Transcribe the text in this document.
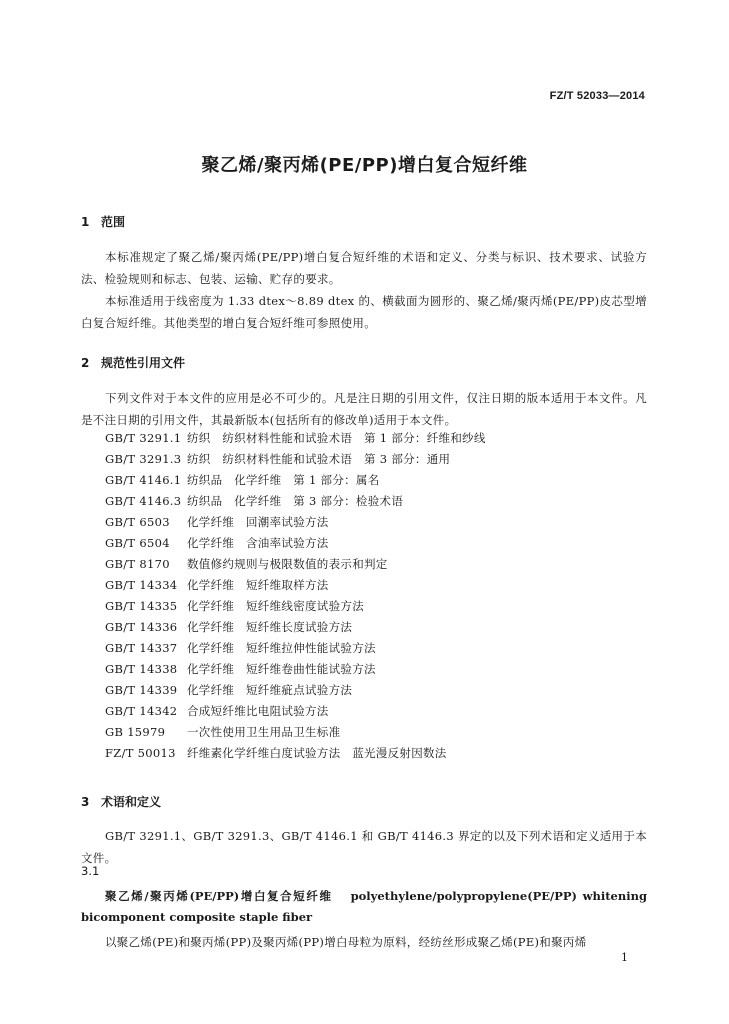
FZ/T 52033—2014
聚乙烯/聚丙烯(PE/PP)增白复合短纤维
1 范围
本标准规定了聚乙烯/聚丙烯(PE/PP)增白复合短纤维的术语和定义、分类与标识、技术要求、试验方法、检验规则和标志、包装、运输、贮存的要求。
本标准适用于线密度为 1.33 dtex～8.89 dtex 的、横截面为圆形的、聚乙烯/聚丙烯(PE/PP)皮芯型增白复合短纤维。其他类型的增白复合短纤维可参照使用。
2 规范性引用文件
下列文件对于本文件的应用是必不可少的。凡是注日期的引用文件，仅注日期的版本适用于本文件。凡是不注日期的引用文件，其最新版本(包括所有的修改单)适用于本文件。
GB/T 3291.1 纺织　纺织材料性能和试验术语　第 1 部分：纤维和纱线
GB/T 3291.3 纺织　纺织材料性能和试验术语　第 3 部分：通用
GB/T 4146.1 纺织品　化学纤维　第 1 部分：属名
GB/T 4146.3 纺织品　化学纤维　第 3 部分：检验术语
GB/T 6503 化学纤维　回潮率试验方法
GB/T 6504 化学纤维　含油率试验方法
GB/T 8170 数值修约规则与极限数值的表示和判定
GB/T 14334 化学纤维　短纤维取样方法
GB/T 14335 化学纤维　短纤维线密度试验方法
GB/T 14336 化学纤维　短纤维长度试验方法
GB/T 14337 化学纤维　短纤维拉伸性能试验方法
GB/T 14338 化学纤维　短纤维卷曲性能试验方法
GB/T 14339 化学纤维　短纤维疵点试验方法
GB/T 14342 合成短纤维比电阻试验方法
GB 15979 一次性使用卫生用品卫生标准
FZ/T 50013 纤维素化学纤维白度试验方法　蓝光漫反射因数法
3 术语和定义
GB/T 3291.1、GB/T 3291.3、GB/T 4146.1 和 GB/T 4146.3 界定的以及下列术语和定义适用于本文件。
3.1
聚乙烯/聚丙烯(PE/PP)增白复合短纤维 polyethylene/polypropylene(PE/PP) whitening bicomponent composite staple fiber
以聚乙烯(PE)和聚丙烯(PP)及聚丙烯(PP)增白母粒为原料，经纺丝形成聚乙烯(PE)和聚丙烯
1
